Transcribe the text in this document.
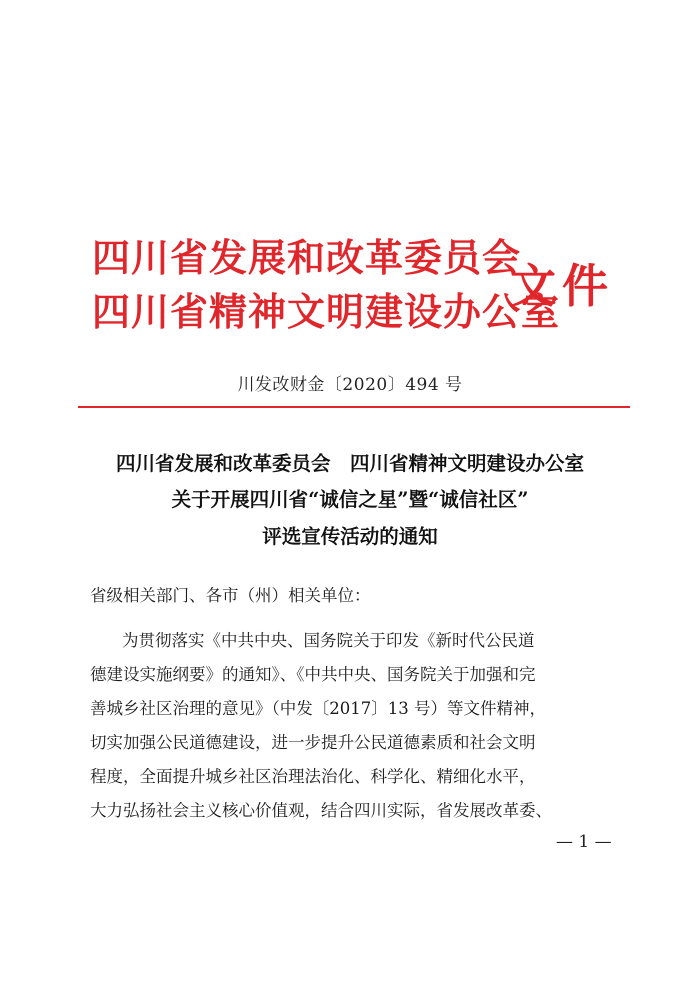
四川省发展和改革委员会
四川省精神文明建设办公室
文件
川发改财金〔2020〕494 号
四川省发展和改革委员会　四川省精神文明建设办公室
关于开展四川省“诚信之星”暨“诚信社区”
评选宣传活动的通知
省级相关部门、各市（州）相关单位：
为贯彻落实《中共中央、国务院关于印发《新时代公民道
德建设实施纲要》的通知》、《中共中央、国务院关于加强和完
善城乡社区治理的意见》（中发〔2017〕13 号）等文件精神，
切实加强公民道德建设，进一步提升公民道德素质和社会文明
程度，全面提升城乡社区治理法治化、科学化、精细化水平，
大力弘扬社会主义核心价值观，结合四川实际，省发展改革委、
— 1 —
